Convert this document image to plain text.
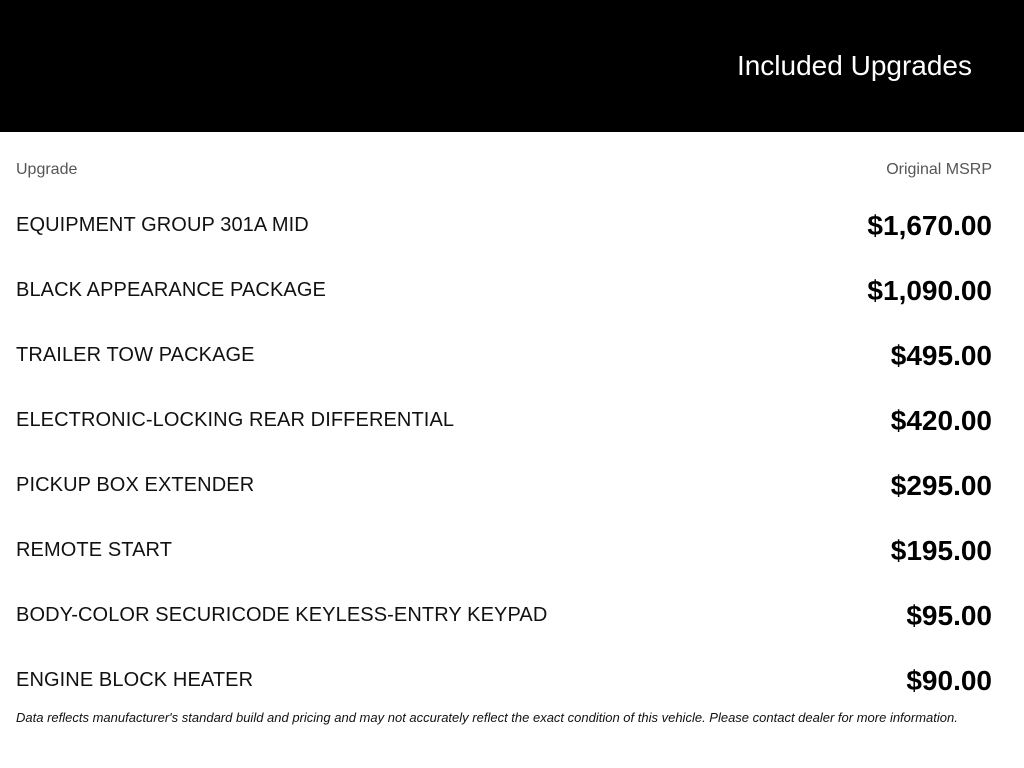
Included Upgrades
Upgrade	Original MSRP
EQUIPMENT GROUP 301A MID	$1,670.00
BLACK APPEARANCE PACKAGE	$1,090.00
TRAILER TOW PACKAGE	$495.00
ELECTRONIC-LOCKING REAR DIFFERENTIAL	$420.00
PICKUP BOX EXTENDER	$295.00
REMOTE START	$195.00
BODY-COLOR SECURICODE KEYLESS-ENTRY KEYPAD	$95.00
ENGINE BLOCK HEATER	$90.00
Data reflects manufacturer's standard build and pricing and may not accurately reflect the exact condition of this vehicle. Please contact dealer for more information.
